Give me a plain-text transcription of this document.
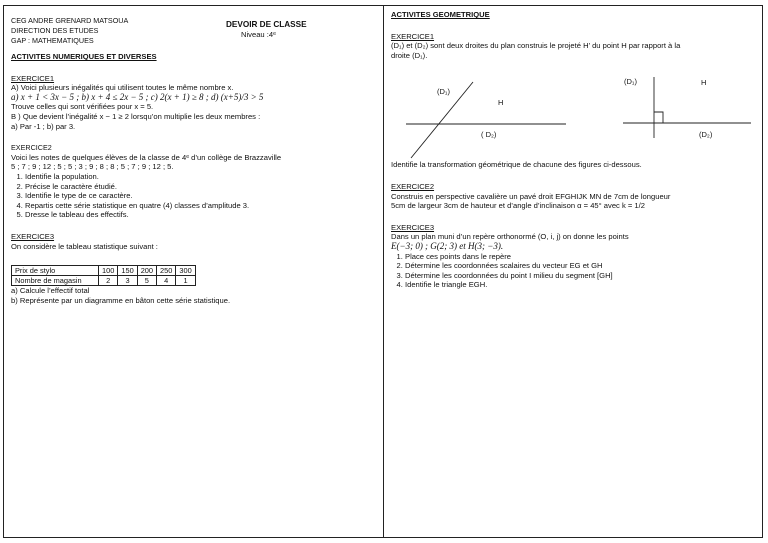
CEG ANDRE GRENARD MATSOUA
DIRECTION DES ETUDES
DEVOIR DE CLASSE
GAP : MATHEMATIQUES
Niveau :4ᵉ
ACTIVITES NUMERIQUES ET DIVERSES
EXERCICE1
A) Voici plusieurs inégalités qui utilisent toutes le même nombre x.
a) x + 1 < 3x − 5 ; b) x + 4 ≤ 2x − 5 ; c) 2(x + 1) ≥ 8 ; d) (x+5)/3 > 5
Trouve celles qui sont vérifiées pour x = 5.
B ) Que devient l’inégalité x − 1 ≥ 2 lorsqu’on multiplie les deux membres :
a) Par -1 ; b) par 3.
EXERCICE2
Voici les notes de quelques élèves de la classe de 4ᵉ d’un collège de Brazzaville
5 ; 7 ; 9 ; 12 ; 5 ; 5 ; 3 ; 9 ; 8 ; 8 ; 5 ; 7 ; 9 ; 12 ; 5.
1. Identifie la population.
2. Précise le caractère étudié.
3. Identifie le type de ce caractère.
4. Repartis cette série statistique en quatre (4) classes d’amplitude 3.
5. Dresse le tableau des effectifs.
EXERCICE3
On considère le tableau statistique suivant :
Prix de stylo	100	150	200	250	300
Nombre de magasin	2	3	5	4	1
a) Calcule l’effectif total
b) Représente par un diagramme en bâton cette série statistique.
ACTIVITES GEOMETRIQUE
EXERCICE1
(D₁) et (D₂) sont deux droites du plan construis le projeté H’ du point H par rapport à la
droite (D₁).
(D₁)
H
( D₂)
(D₁)	H
(D₂)
Identifie la transformation géométrique de chacune des figures ci-dessous.
EXERCICE2
Construis en perspective cavalière un pavé droit EFGHIJK MN de 7cm de longueur
5cm de largeur 3cm de hauteur et d’angle d’inclinaison α = 45° avec k = 1/2
EXERCICE3
Dans un plan muni d’un repère orthonormé (O, i, j) on donne les points
E(−3; 0) ; G(2; 3) et H(3; −3).
1. Place ces points dans le repère
2. Détermine les coordonnées scalaires du vecteur EG et GH
3. Détermine les coordonnées du point I milieu du segment [GH]
4. Identifie le triangle EGH.
